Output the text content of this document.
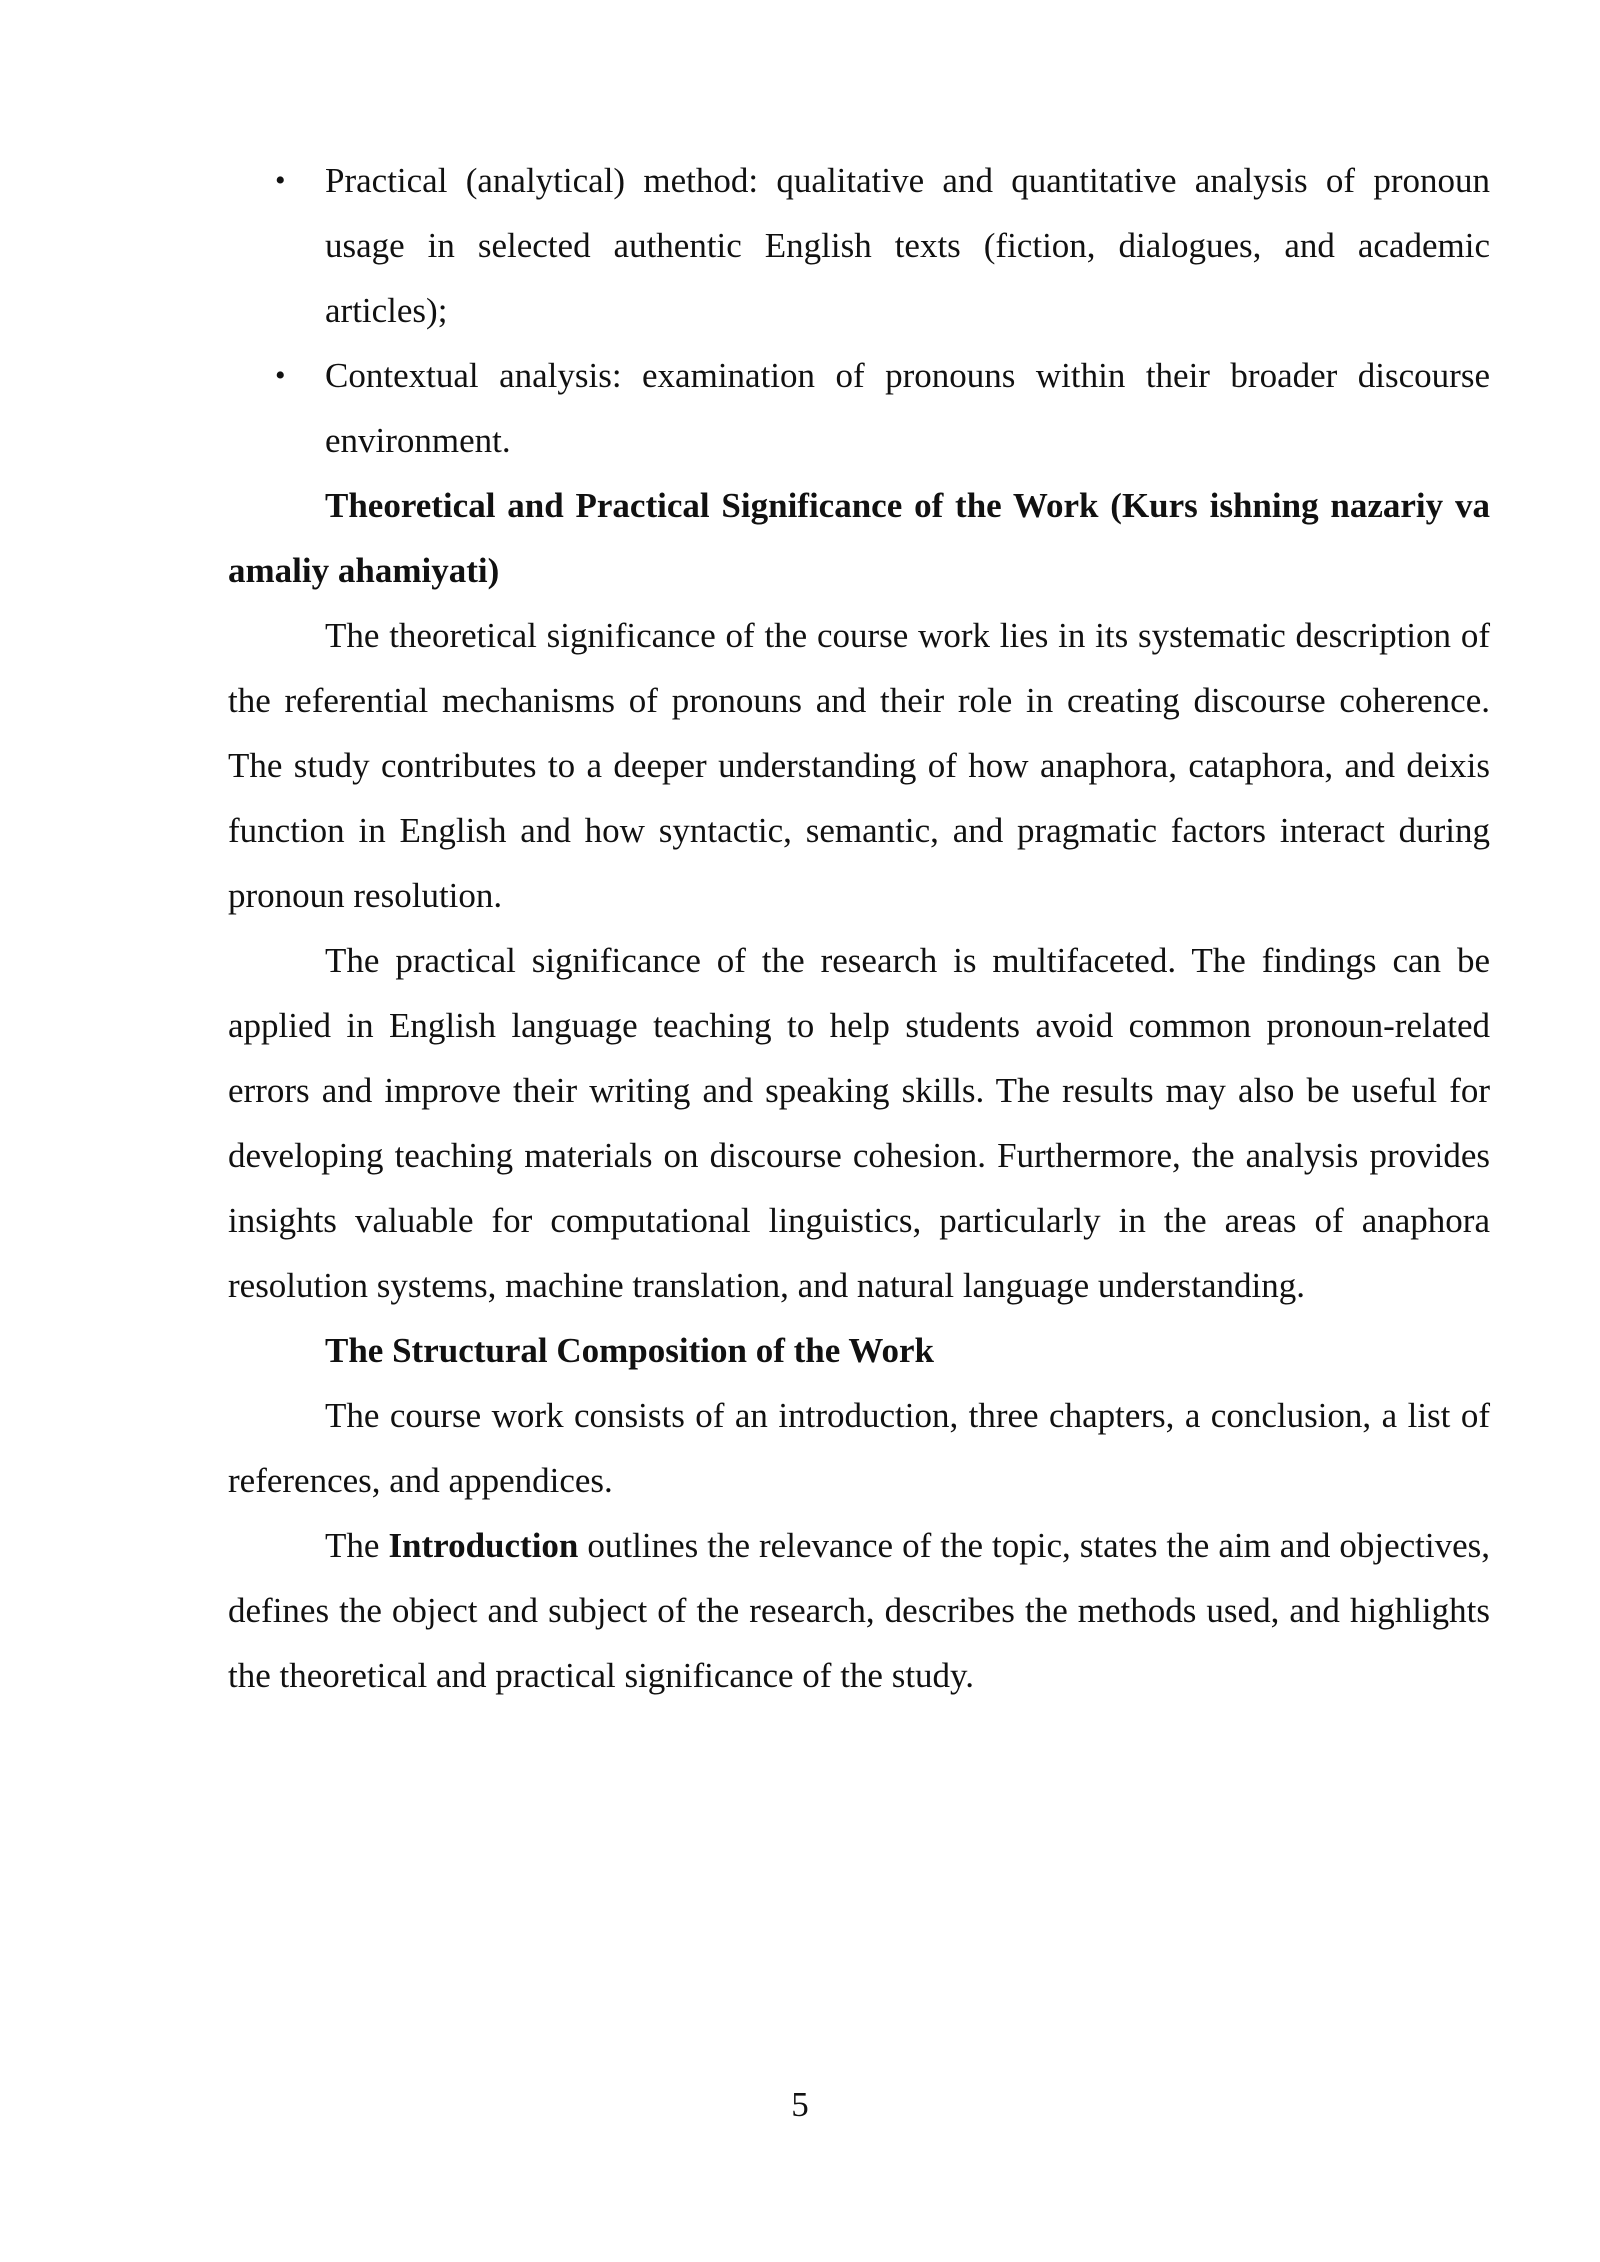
• Practical (analytical) method: qualitative and quantitative analysis of pronoun usage in selected authentic English texts (fiction, dialogues, and academic articles);
• Contextual analysis: examination of pronouns within their broader discourse environment.

Theoretical and Practical Significance of the Work (Kurs ishning nazariy va amaliy ahamiyati)

The theoretical significance of the course work lies in its systematic description of the referential mechanisms of pronouns and their role in creating discourse coherence. The study contributes to a deeper understanding of how anaphora, cataphora, and deixis function in English and how syntactic, semantic, and pragmatic factors interact during pronoun resolution.

The practical significance of the research is multifaceted. The findings can be applied in English language teaching to help students avoid common pronoun-related errors and improve their writing and speaking skills. The results may also be useful for developing teaching materials on discourse cohesion. Furthermore, the analysis provides insights valuable for computational linguistics, particularly in the areas of anaphora resolution systems, machine translation, and natural language understanding.

The Structural Composition of the Work

The course work consists of an introduction, three chapters, a conclusion, a list of references, and appendices.

The Introduction outlines the relevance of the topic, states the aim and objectives, defines the object and subject of the research, describes the methods used, and highlights the theoretical and practical significance of the study.

5
